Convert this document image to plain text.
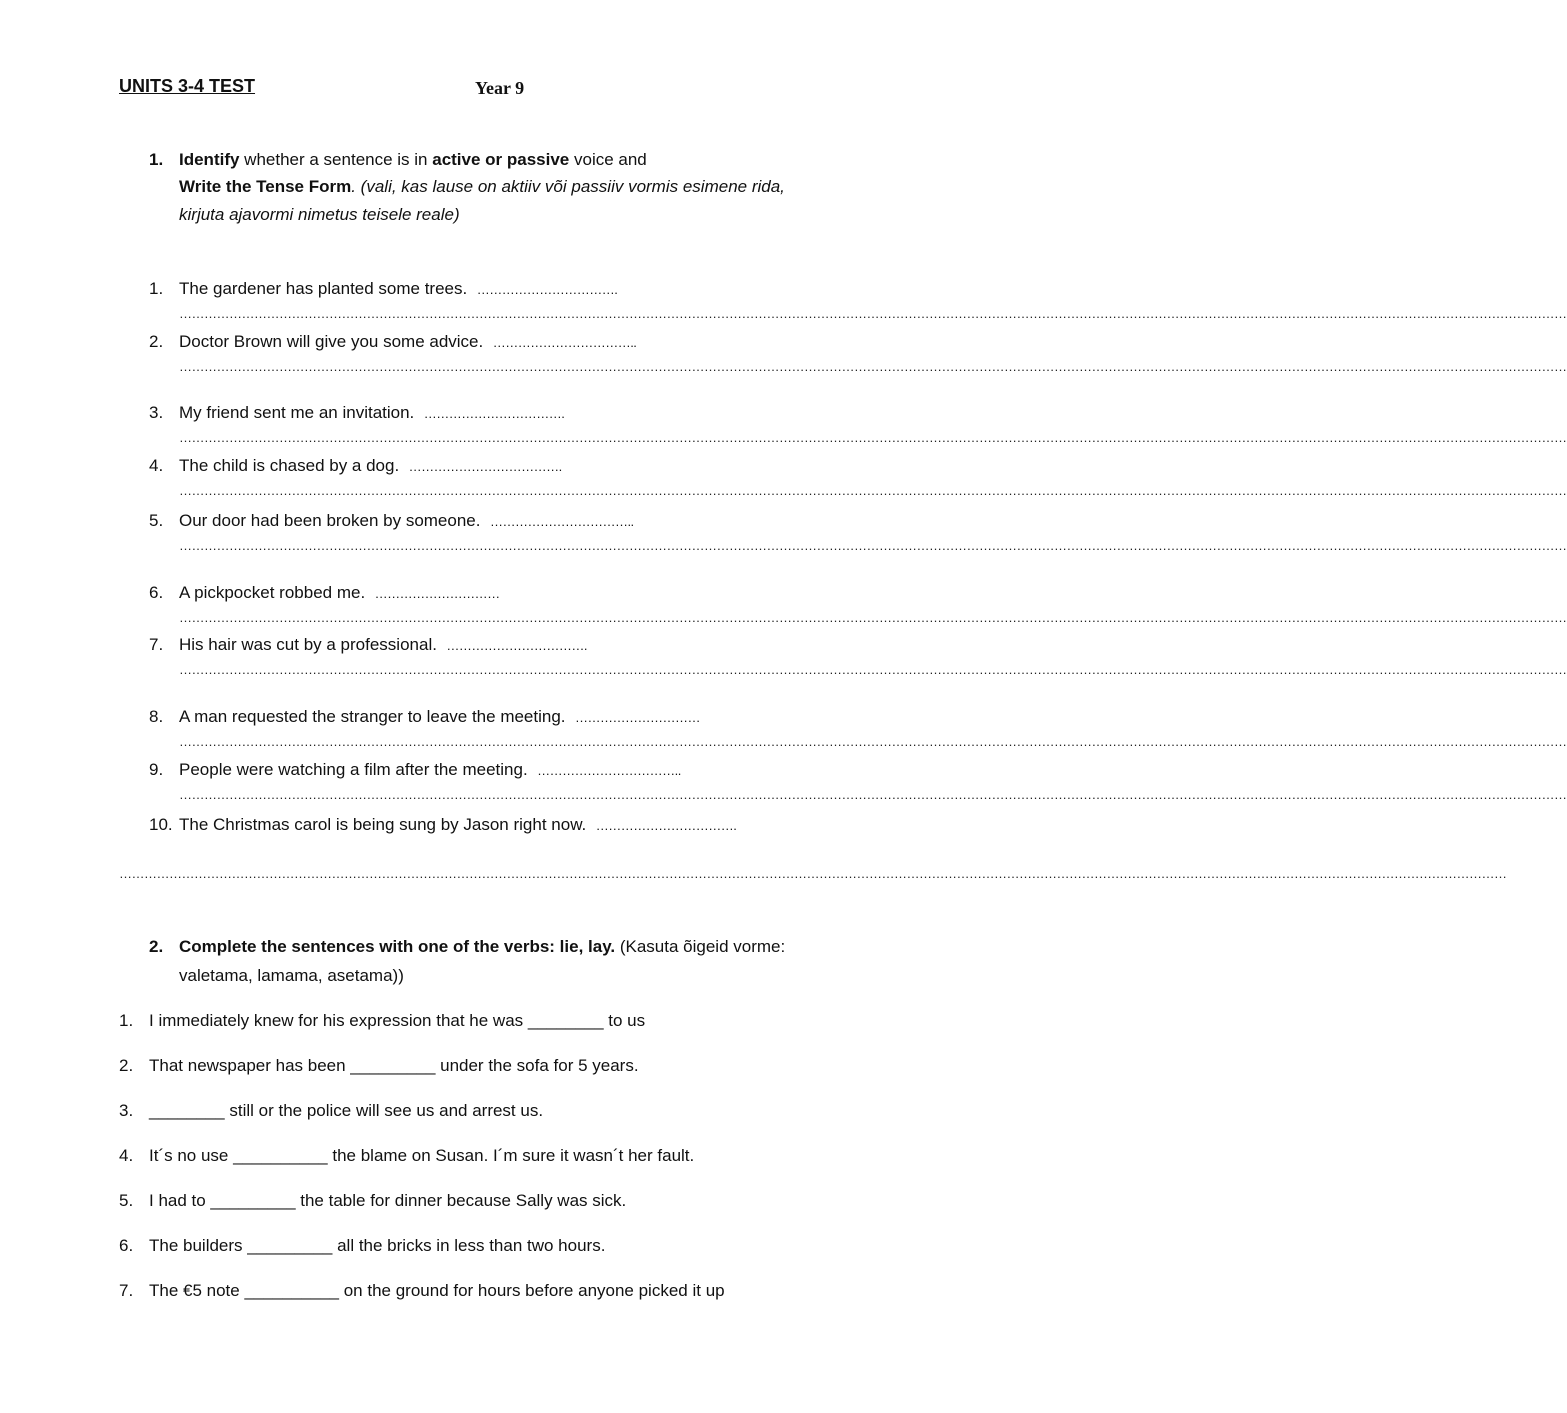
UNITS 3-4 TEST	Year 9
1. Identify whether a sentence is in active or passive voice and
Write the Tense Form. (vali, kas lause on aktiiv või passiiv vormis esimene rida,
kirjuta ajavormi nimetus teisele reale)
1. The gardener has planted some trees. …………………………….
………………………………………………………………………………………………………………………………………………………………………………………………………………………………………………………………………………………………………
2. Doctor Brown will give you some advice. ……………………………..
………………………………………………………………………………………………………………………………………………………………………………………………………………………………………………………………………………………………………
3. My friend sent me an invitation. …………………………….
………………………………………………………………………………………………………………………………………………………………………………………………………………………………………………………………………………………………………
4. The child is chased by a dog. ……………………………….
………………………………………………………………………………………………………………………………………………………………………………………………………………………………………………………………………………………………………
5. Our door had been broken by someone. ……………………………..
………………………………………………………………………………………………………………………………………………………………………………………………………………………………………………………………………………………………………
6. A pickpocket robbed me. …………………………
………………………………………………………………………………………………………………………………………………………………………………………………………………………………………………………………………………………………………
7. His hair was cut by a professional. …………………………….
………………………………………………………………………………………………………………………………………………………………………………………………………………………………………………………………………………………………………
8. A man requested the stranger to leave the meeting. …………………………
………………………………………………………………………………………………………………………………………………………………………………………………………………………………………………………………………………………………………
9. People were watching a film after the meeting. ……………………………..
………………………………………………………………………………………………………………………………………………………………………………………………………………………………………………………………………………………………………
10. The Christmas carol is being sung by Jason right now. …………………………….
………………………………………………………………………………………………………………………………………………………………………………………………………………………………………………………………………………………………………
2. Complete the sentences with one of the verbs: lie, lay. (Kasuta õigeid vorme:
valetama, lamama, asetama))
1. I immediately knew for his expression that he was ________ to us
2. That newspaper has been _________ under the sofa for 5 years.
3. ________ still or the police will see us and arrest us.
4. It´s no use __________ the blame on Susan. I´m sure it wasn´t her fault.
5. I had to _________ the table for dinner because Sally was sick.
6. The builders _________ all the bricks in less than two hours.
7. The €5 note __________ on the ground for hours before anyone picked it up
